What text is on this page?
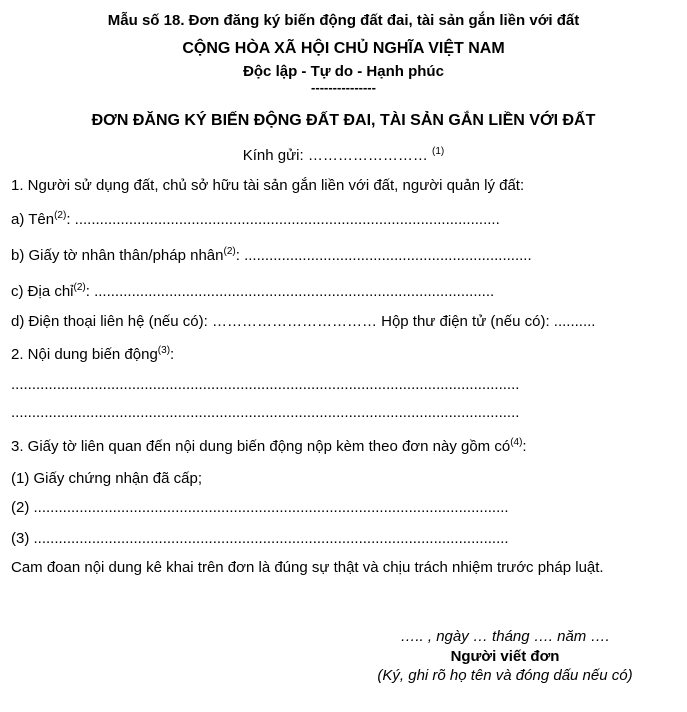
Mẫu số 18. Đơn đăng ký biến động đất đai, tài sản gắn liền với đất
CỘNG HÒA XÃ HỘI CHỦ NGHĨA VIỆT NAM
Độc lập - Tự do - Hạnh phúc
---------------
ĐƠN ĐĂNG KÝ BIẾN ĐỘNG ĐẤT ĐAI, TÀI SẢN GẮN LIỀN VỚI ĐẤT
Kính gửi: …………………… $^{(1)}$
1. Người sử dụng đất, chủ sở hữu tài sản gắn liền với đất, người quản lý đất:
a) Tên$^{(2)}$: ......................................................................................................
b) Giấy tờ nhân thân/pháp nhân$^{(2)}$: .....................................................................
c) Địa chỉ$^{(2)}$: ................................................................................................
d) Điện thoại liên hệ (nếu có): …………………………… Hộp thư điện tử (nếu có): ..........
2. Nội dung biến động$^{(3)}$:
..........................................................................................................................
..........................................................................................................................
3. Giấy tờ liên quan đến nội dung biến động nộp kèm theo đơn này gồm $có^{(4)}$:
(1) Giấy chứng nhận đã cấp;
(2) ..................................................................................................................
(3) ..................................................................................................................
Cam đoan nội dung kê khai trên đơn là đúng sự thật và chịu trách nhiệm trước pháp luật.
….. , ngày … tháng …. năm ….
Người viết đơn
(Ký, ghi rõ họ tên và đóng dấu nếu có)
